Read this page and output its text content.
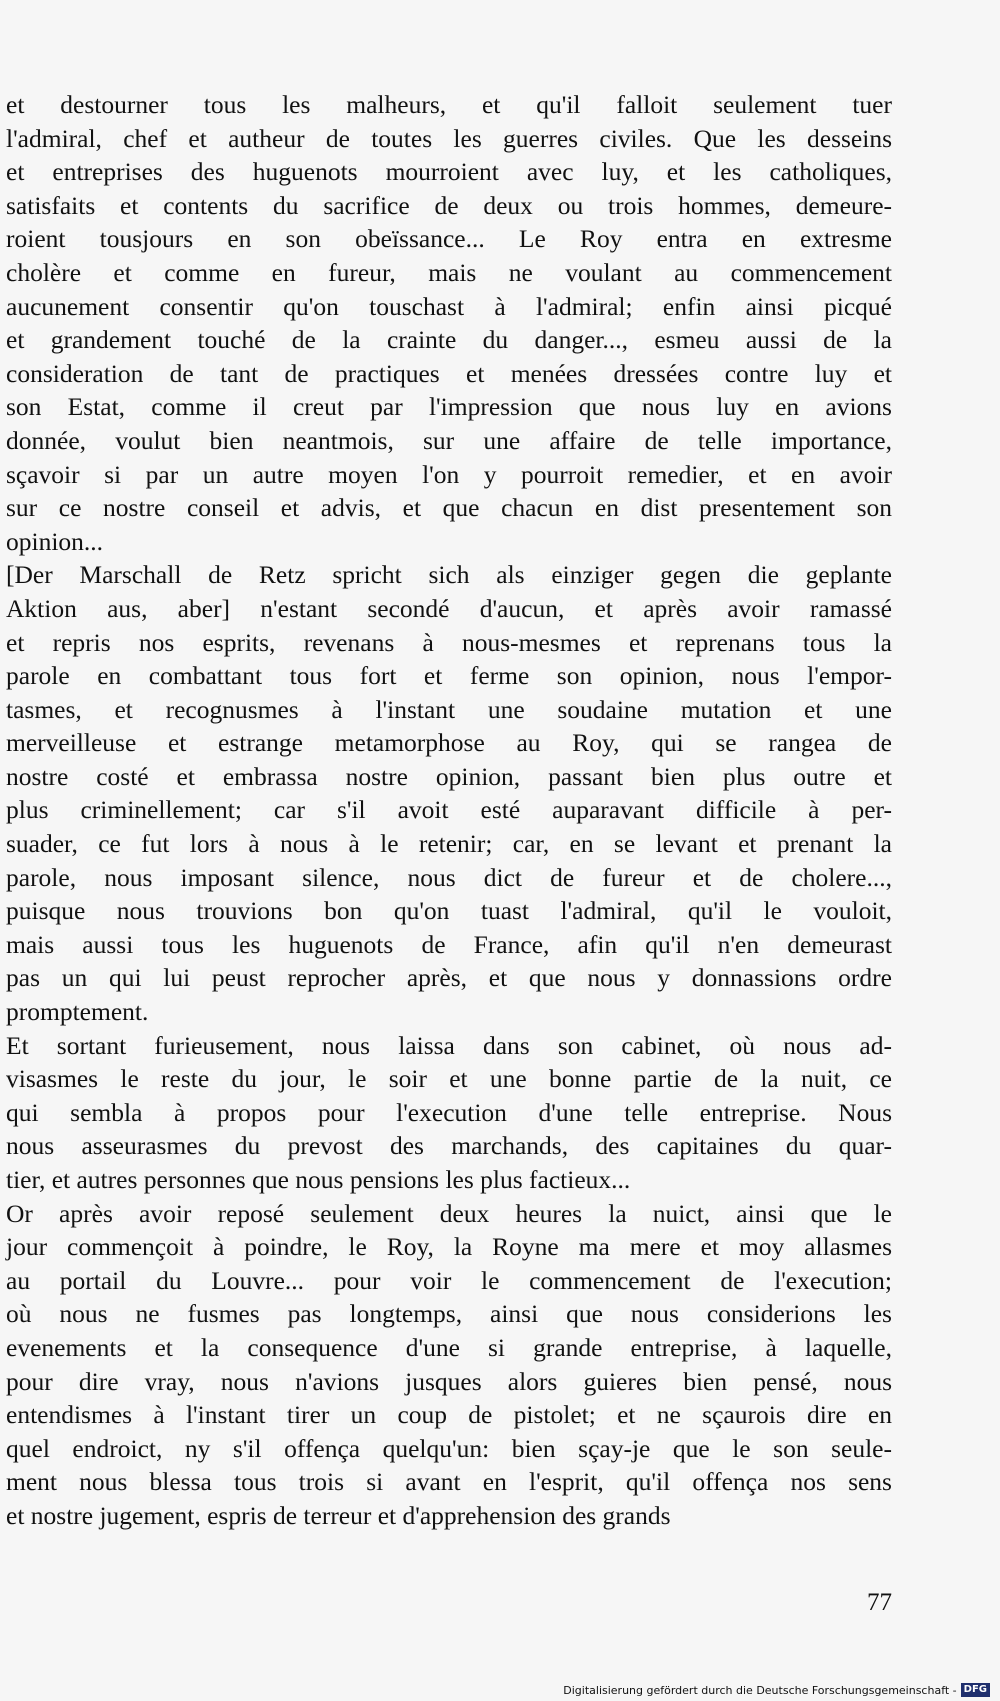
et destourner tous les malheurs, et qu'il falloit seulement tuer
l'admiral, chef et autheur de toutes les guerres civiles. Que les desseins
et entreprises des huguenots mourroient avec luy, et les catholiques,
satisfaits et contents du sacrifice de deux ou trois hommes, demeure-
roient tousjours en son obeïssance... Le Roy entra en extresme
cholère et comme en fureur, mais ne voulant au commencement
aucunement consentir qu'on touschast à l'admiral; enfin ainsi picqué
et grandement touché de la crainte du danger..., esmeu aussi de la
consideration de tant de practiques et menées dressées contre luy et
son Estat, comme il creut par l'impression que nous luy en avions
donnée, voulut bien neantmois, sur une affaire de telle importance,
sçavoir si par un autre moyen l'on y pourroit remedier, et en avoir
sur ce nostre conseil et advis, et que chacun en dist presentement son
opinion...
[Der Marschall de Retz spricht sich als einziger gegen die geplante
Aktion aus, aber] n'estant secondé d'aucun, et après avoir ramassé
et repris nos esprits, revenans à nous-mesmes et reprenans tous la
parole en combattant tous fort et ferme son opinion, nous l'empor-
tasmes, et recognusmes à l'instant une soudaine mutation et une
merveilleuse et estrange metamorphose au Roy, qui se rangea de
nostre costé et embrassa nostre opinion, passant bien plus outre et
plus criminellement; car s'il avoit esté auparavant difficile à per-
suader, ce fut lors à nous à le retenir; car, en se levant et prenant la
parole, nous imposant silence, nous dict de fureur et de cholere...,
puisque nous trouvions bon qu'on tuast l'admiral, qu'il le vouloit,
mais aussi tous les huguenots de France, afin qu'il n'en demeurast
pas un qui lui peust reprocher après, et que nous y donnassions ordre
promptement.
Et sortant furieusement, nous laissa dans son cabinet, où nous ad-
visasmes le reste du jour, le soir et une bonne partie de la nuit, ce
qui sembla à propos pour l'execution d'une telle entreprise. Nous
nous asseurasmes du prevost des marchands, des capitaines du quar-
tier, et autres personnes que nous pensions les plus factieux...
Or après avoir reposé seulement deux heures la nuict, ainsi que le
jour commençoit à poindre, le Roy, la Royne ma mere et moy allasmes
au portail du Louvre... pour voir le commencement de l'execution;
où nous ne fusmes pas longtemps, ainsi que nous considerions les
evenements et la consequence d'une si grande entreprise, à laquelle,
pour dire vray, nous n'avions jusques alors guieres bien pensé, nous
entendismes à l'instant tirer un coup de pistolet; et ne sçaurois dire en
quel endroict, ny s'il offença quelqu'un: bien sçay-je que le son seule-
ment nous blessa tous trois si avant en l'esprit, qu'il offença nos sens
et nostre jugement, espris de terreur et d'apprehension des grands
77
Digitalisierung gefördert durch die Deutsche Forschungsgemeinschaft - DFG
